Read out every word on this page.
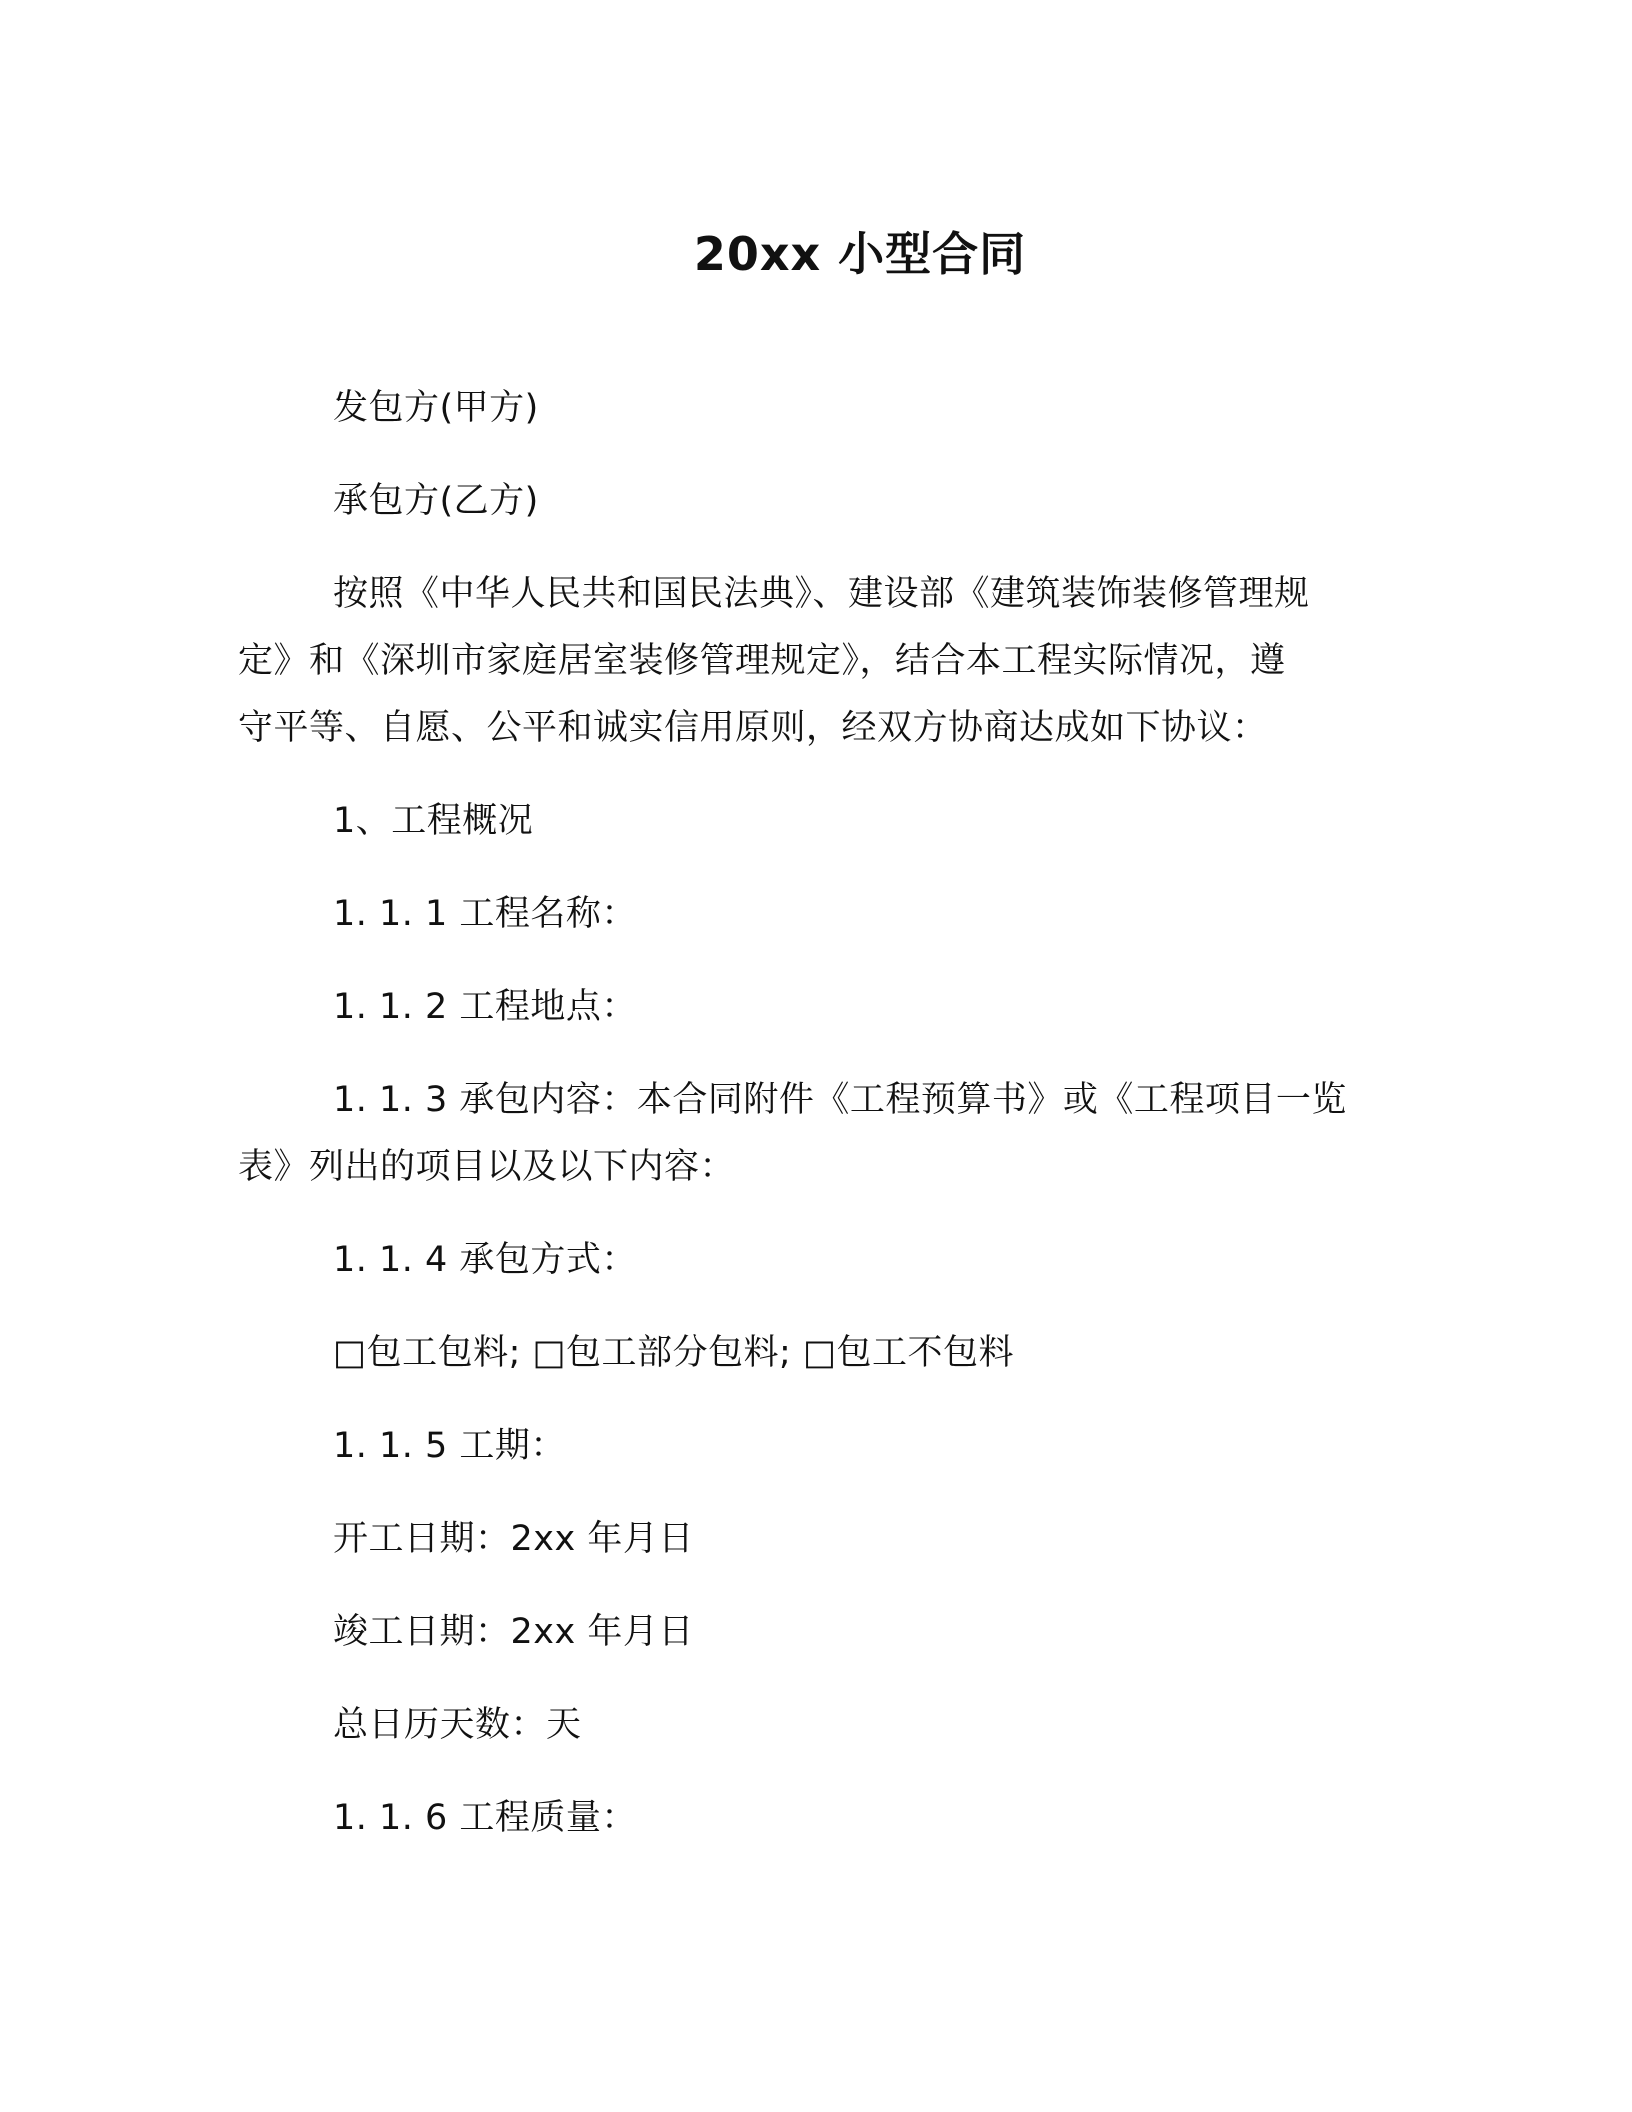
20xx 小型合同
发包方(甲方)
承包方(乙方)
按照《中华人民共和国民法典》、建设部《建筑装饰装修管理规
定》和《深圳市家庭居室装修管理规定》，结合本工程实际情况，遵
守平等、自愿、公平和诚实信用原则，经双方协商达成如下协议：
1、工程概况
1. 1. 1 工程名称：
1. 1. 2 工程地点：
1. 1. 3 承包内容：本合同附件《工程预算书》或《工程项目一览
表》列出的项目以及以下内容：
1. 1. 4 承包方式：
□包工包料; □包工部分包料; □包工不包料
1. 1. 5 工期：
开工日期：2xx 年月日
竣工日期：2xx 年月日
总日历天数：天
1. 1. 6 工程质量：
